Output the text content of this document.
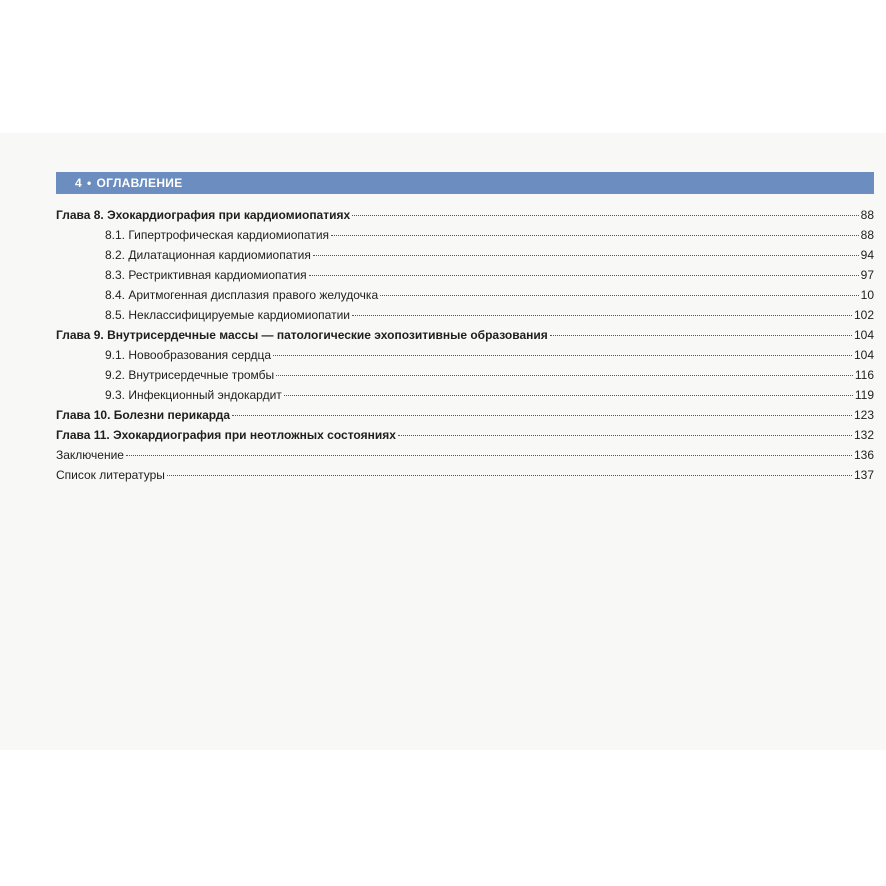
4 • ОГЛАВЛЕНИЕ
Глава 8. Эхокардиография при кардиомиопатиях	88
8.1. Гипертрофическая кардиомиопатия	88
8.2. Дилатационная кардиомиопатия	94
8.3. Рестриктивная кардиомиопатия	97
8.4. Аритмогенная дисплазия правого желудочка	10
8.5. Неклассифицируемые кардиомиопатии	102
Глава 9. Внутрисердечные массы — патологические эхопозитивные образования	104
9.1. Новообразования сердца	104
9.2. Внутрисердечные тромбы	116
9.3. Инфекционный эндокардит	119
Глава 10. Болезни перикарда	123
Глава 11. Эхокардиография при неотложных состояниях	132
Заключение	136
Список литературы	137
